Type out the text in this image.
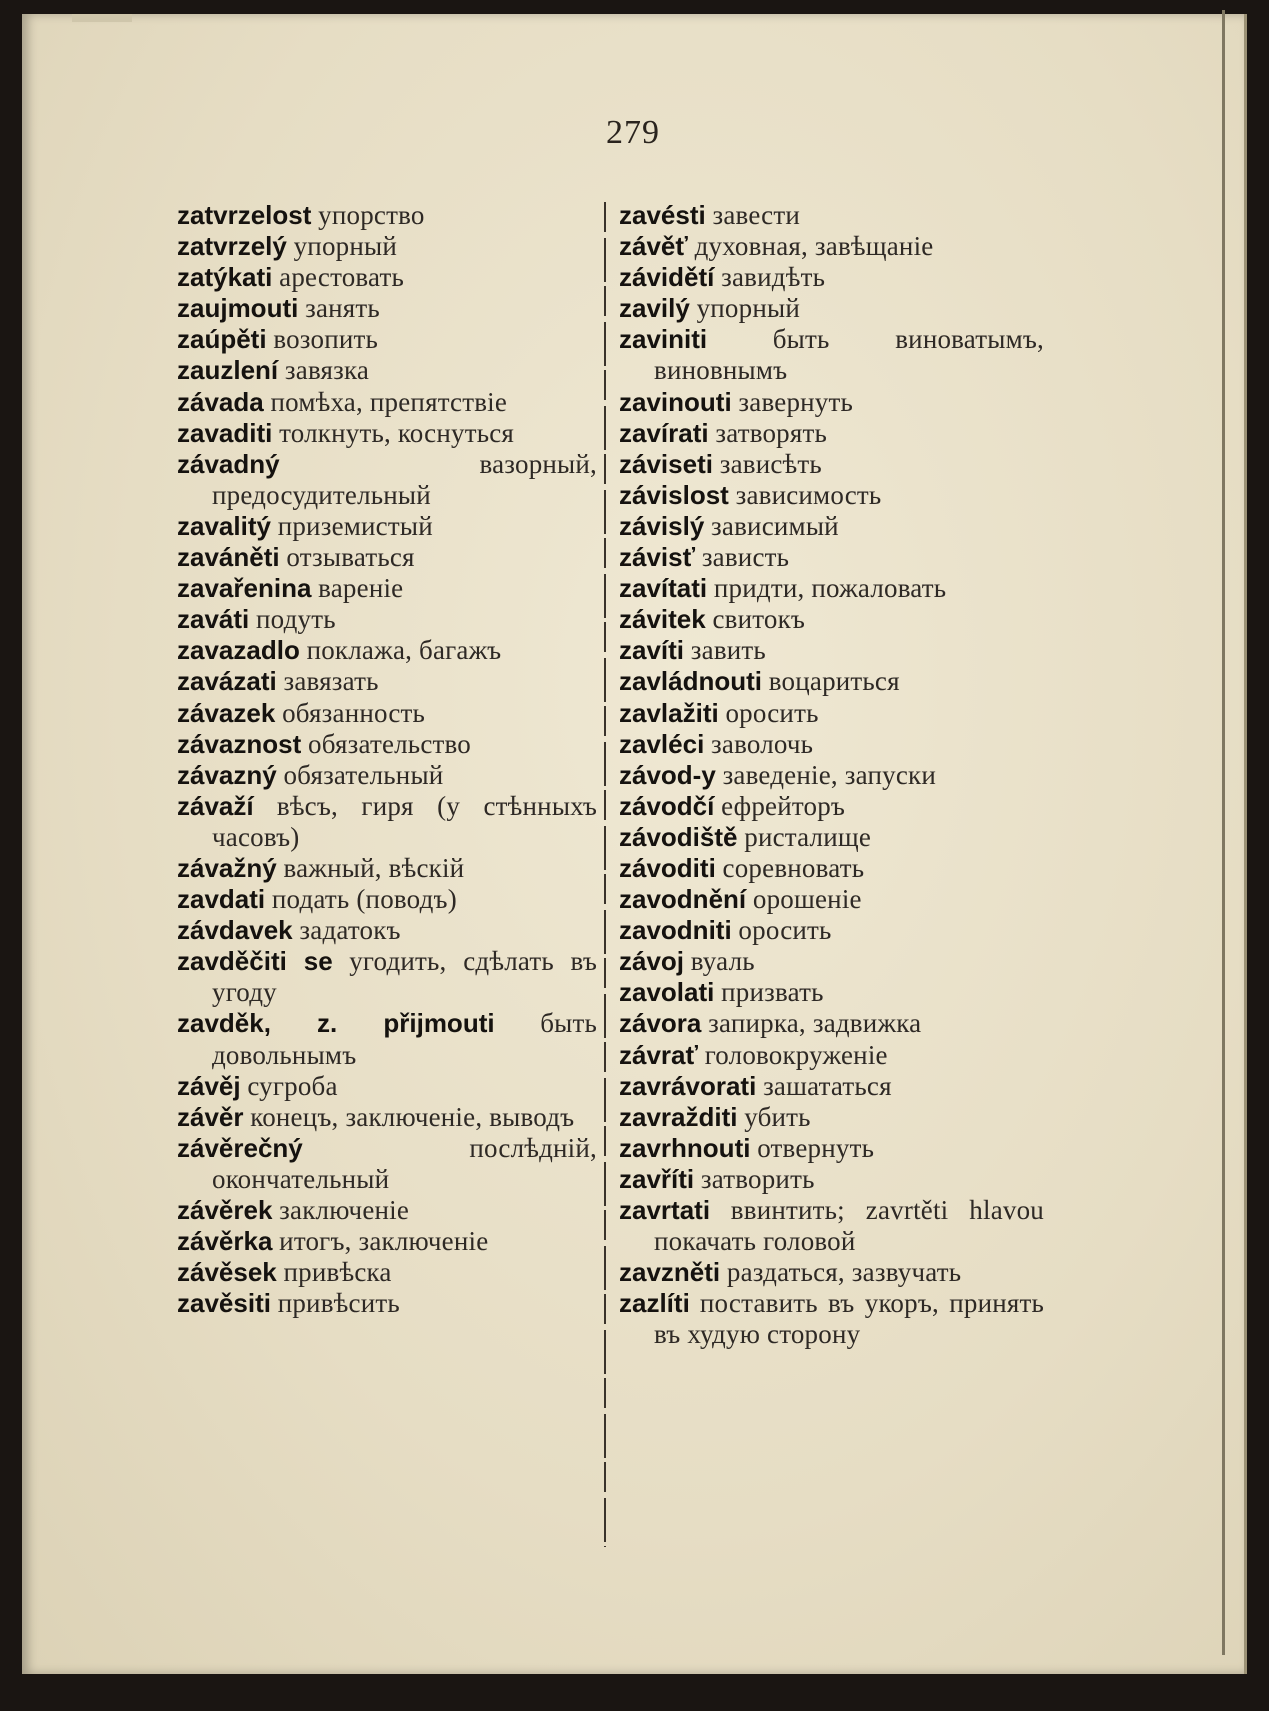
279
zatvrzelost упорство
zatvrzelý упорный
zatýkati арестовать
zaujmouti занять
zaúpěti возопить
zauzlení завязка
závada помѣха, препятствіе
zavaditi толкнуть, коснуться
závadný	вазорный, предосудительный
zavalitý приземистый
zaváněti отзываться
zavařenina вареніе
zaváti подуть
zavazadlo поклажа, багажъ
zavázati завязать
závazek обязанность
závaznost обязательство
závazný обязательный
závaží вѣсъ, гиря (у стѣнныхъ часовъ)
závažný важный, вѣскій
zavdati подать (поводъ)
závdavek задатокъ
zavděčiti se угодить, сдѣлать въ угоду
zavděk, z. přijmouti быть довольнымъ
závěj сугроба
závěr конецъ, заключеніе, выводъ
závěrečný	послѣдній, окончательный
závěrek заключеніе
závěrka итогъ, заключеніе
závěsek привѣска
zavěsiti привѣсить
zavésti завести
závěť духовная, завѣщаніе
závidětí завидѣть
zavilý упорный
zaviniti быть виноватымъ, виновнымъ
zavinouti завернуть
zavírati затворять
záviseti зависѣть
závislost зависимость
závislý зависимый
závisť зависть
zavítati придти, пожаловать
závitek свитокъ
zavíti завить
zavládnouti воцариться
zavlažiti оросить
zavléci заволочь
závod-y заведеніе, запуски
závodčí ефрейторъ
závodiště ристалище
závoditi соревновать
zavodnění орошеніе
zavodniti оросить
závoj вуаль
zavolati призвать
závora запирка, задвижка
závrať головокруженіе
zavrávorati зашататься
zavražditi убить
zavrhnouti отвернуть
zavříti затворить
zavrtati ввинтить; zavrtěti hlavou покачать головой
zavzněti раздаться, зазвучать
zazlíti поставить въ укоръ, принять въ худую сторону
